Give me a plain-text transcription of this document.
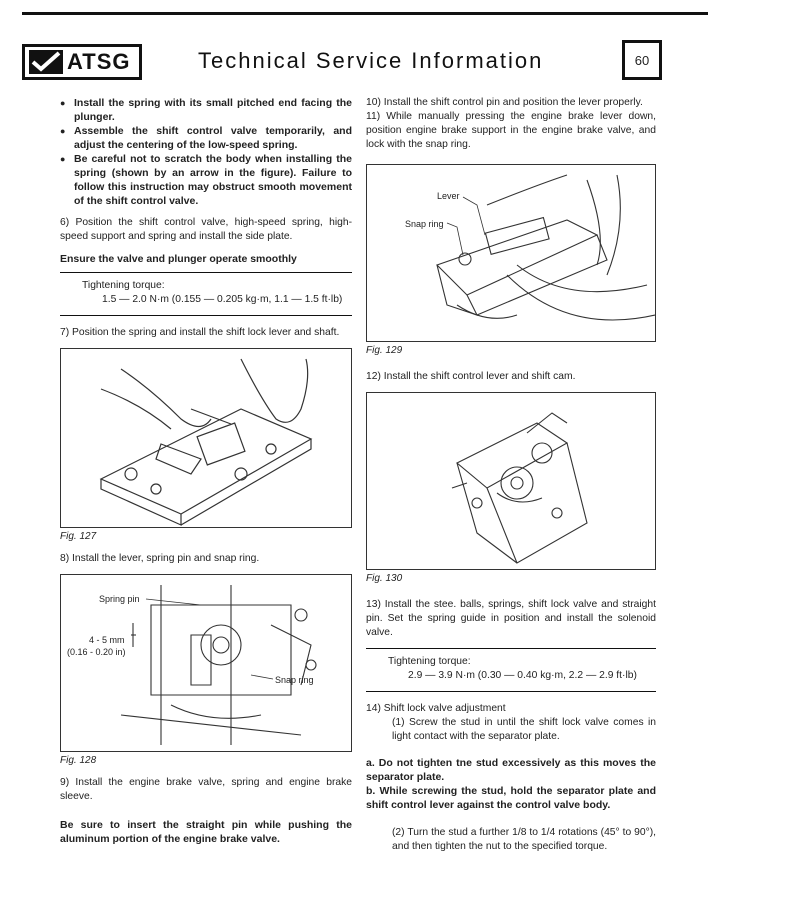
ATSG	Technical Service Information	60
● Install the spring with its small pitched end facing the plunger.
● Assemble the shift control valve temporarily, and adjust the centering of the low-speed spring.
● Be careful not to scratch the body when installing the spring (shown by an arrow in the figure). Failure to follow this instruction may obstruct smooth movement of the shift control valve.

6) Position the shift control valve, high-speed spring, high-speed support and spring and install the side plate.

Ensure the valve and plunger operate smoothly

Tightening torque:
1.5 — 2.0 N·m (0.155 — 0.205 kg·m, 1.1 — 1.5 ft·lb)

7) Position the spring and install the shift lock lever and shaft.

Fig. 127

8) Install the lever, spring pin and snap ring.

Spring pin
4 - 5 mm
(0.16 - 0.20 in)
Snap ring
Fig. 128

9) Install the engine brake valve, spring and engine brake sleeve.

Be sure to insert the straight pin while pushing the aluminum portion of the engine brake valve.

10) Install the shift control pin and position the lever properly.

11) While manually pressing the engine brake lever down, position engine brake support in the engine brake valve, and lock with the snap ring.

Lever
Snap ring
Fig. 129

12) Install the shift control lever and shift cam.

Fig. 130

13) Install the stee. balls, springs, shift lock valve and straight pin. Set the spring guide in position and install the solenoid valve.

Tightening torque:
2.9 — 3.9 N·m (0.30 — 0.40 kg·m, 2.2 — 2.9 ft·lb)

14) Shift lock valve adjustment

(1) Screw the stud in until the shift lock valve comes in light contact with the separator plate.

a. Do not tighten tne stud excessively as this moves the separator plate.

b. While screwing the stud, hold the separator plate and shift control lever against the control valve body.

(2) Turn the stud a further 1/8 to 1/4 rotations (45° to 90°), and then tighten the nut to the specified torque.
